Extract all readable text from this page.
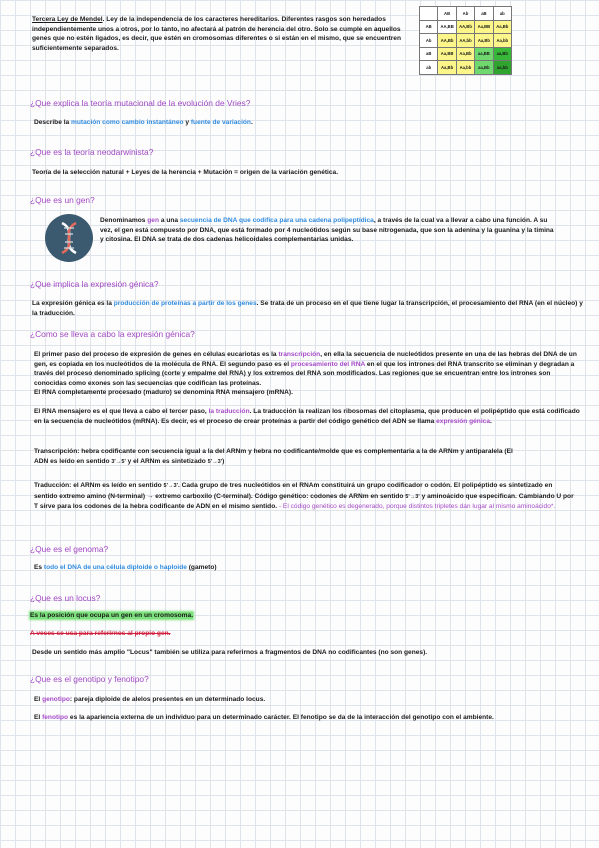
Tercera Ley de Mendel. Ley de la independencia de los caracteres hereditarios. Diferentes rasgos son heredados independientemente unos a otros, por lo tanto, no afectará al patrón de herencia del otro. Solo se cumple en aquellos genes que no estén ligados, es decir, que estén en cromosomas diferentes o si están en el mismo, que se encuentren suficientemente separados.
	AB	Ab	aB	ab
AB	AA,BB	AA,Bb	Aa,BB	Aa,Bb
Ab	AA,Bb	AA,bb	Aa,Bb	Aa,bb
aB	Aa,BB	Aa,Bb	aa,BB	aa,Bb
ab	Aa,Bb	Aa,bb	aa,Bb	aa,bb
¿Que explica la teoría mutacional de la evolución de Vries?
Describe la mutación como cambio instantáneo y fuente de variación.
¿Que es la teoría neodarwinista?
Teoría de la selección natural + Leyes de la herencia + Mutación = origen de la variación genética.
¿Que es un gen?
Denominamos gen a una secuencia de DNA que codifica para una cadena polipeptídica, a través de la cual va a llevar a cabo una función. A su vez, el gen está compuesto por DNA, que está formado por 4 nucleótidos según su base nitrogenada, que son la adenina y la guanina y la timina y citosina. El DNA se trata de dos cadenas helicoidales complementarias unidas.
¿Que implica la expresión génica?
La expresión génica es la producción de proteínas a partir de los genes. Se trata de un proceso en el que tiene lugar la transcripción, el procesamiento del RNA (en el núcleo) y la traducción.
¿Como se lleva a cabo la expresión génica?
El primer paso del proceso de expresión de genes en células eucariotas es la transcripción, en ella la secuencia de nucleótidos presente en una de las hebras del DNA de un gen, es copiada en los nucleótidos de la molécula de RNA. El segundo paso es el procesamiento del RNA en el que los intrones del RNA transcrito se eliminan y degradan a través del proceso denominado splicing (corte y empalme del RNA) y los extremos del RNA son modificados. Las regiones que se encuentran entre los intrones son conocidas como exones son las secuencias que codifican las proteínas.
El RNA completamente procesado (maduro) se denomina RNA mensajero (mRNA).
El RNA mensajero es el que lleva a cabo el tercer paso, la traducción. La traducción la realizan los ribosomas del citoplasma, que producen el polipéptido que está codificado en la secuencia de nucleótidos (mRNA). Es decir, es el proceso de crear proteínas a partir del código genético del ADN se llama expresión génica.
Transcripción: hebra codificante con secuencia igual a la del ARNm y hebra no codificante/molde que es complementaria a la de ARNm y antiparalela (El ADN es leído en sentido 3'→5' y el ARNm es sintetizado 5'→3')
Traducción: el ARNm es leído en sentido 5'→3'. Cada grupo de tres nucleótidos en el RNAm constituirá un grupo codificador o codón. El polipéptido es sintetizado en sentido extremo amino (N-terminal) → extremo carboxilo (C-terminal). Código genético: codones de ARNm en sentido 5'→3' y aminoácido que especifican. Cambiando U por T sirve para los codones de la hebra codificante de ADN en el mismo sentido. - El código genético es degenerado, porque distintos tripletes dan lugar al mismo aminoácido*.
¿Que es el genoma?
Es todo el DNA de una célula diploide o haploide (gameto)
¿Que es un locus?
Es la posición que ocupa un gen en un cromosoma.
A veces se usa para referirnos al propio gen.
Desde un sentido más amplio "Locus" también se utiliza para referirnos a fragmentos de DNA no codificantes (no son genes).
¿Que es el genotipo y fenotipo?
El genotipo: pareja diploide de alelos presentes en un determinado locus.
El fenotipo es la apariencia externa de un individuo para un determinado carácter. El fenotipo se da de la interacción del genotipo con el ambiente.
